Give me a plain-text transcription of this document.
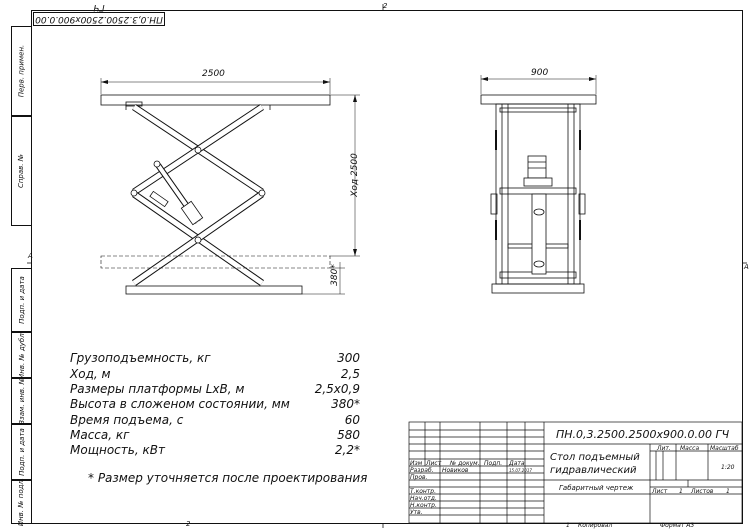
ПН.0,3.2500.2500х900.0.00 ГЧ
Перв. примен.
Справ. №
Подп. и дата
Инв. № дубл.
Взам. инв. №
Подп. и дата
Инв. № подл.
А
А
2
2
2500	900
Ход 2500
380*
Грузоподъемность, кг	300
Ход, м	2,5
Размеры платформы LxB, м	2,5х0,9
Высота в сложеном состоянии, мм	380*
Время подъема, с	60
Масса, кг	580
Мощность, кВт	2,2*
* Размер уточняется после проектирования
ПН.0,3.2500.2500х900.0.00 ГЧ
Изм Лист № докум. Подп. Дата
Разраб. Новиков	15.07.2017
Пров.
Т.контр.
Нач.отд.
Н.контр.
Утв.
Стол подъемный
гидравлический
Габаритный чертеж
Лит. Масса Масштаб
1:20
Лист 1 Листов 1
1 Копировал	Формат А3
